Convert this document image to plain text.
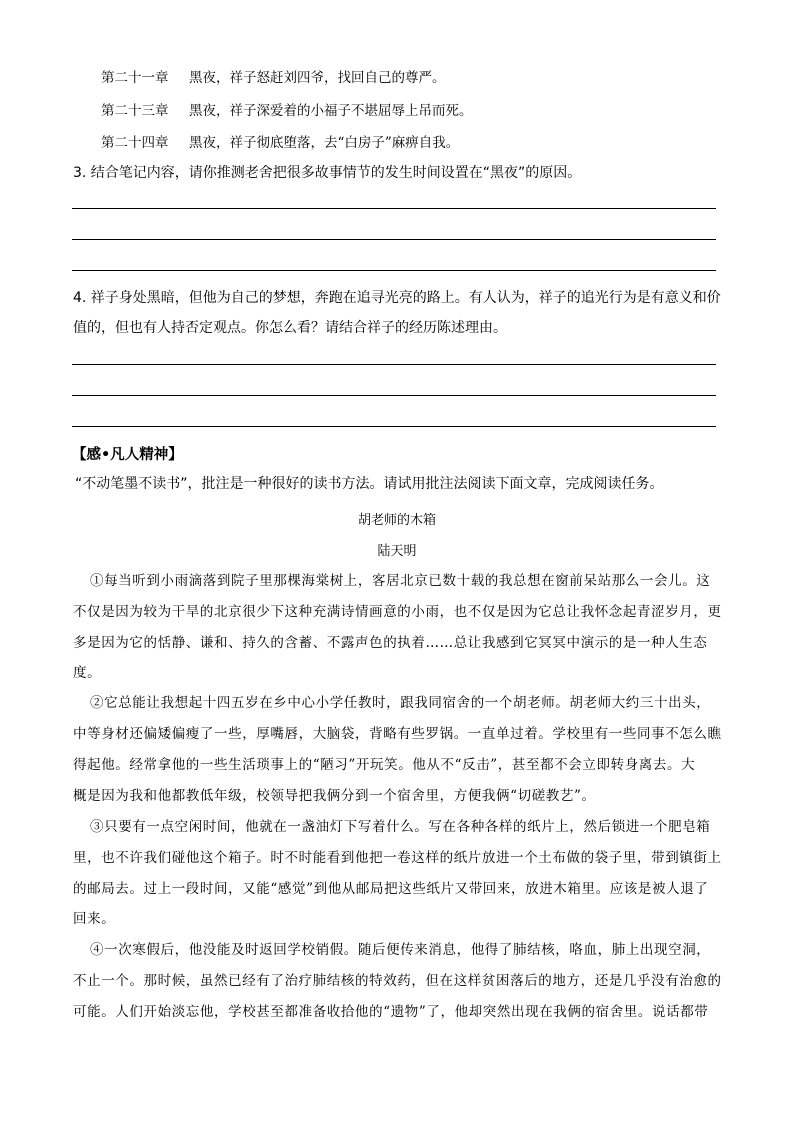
第二十一章 黑夜，祥子怒赶刘四爷，找回自己的尊严。
第二十三章 黑夜，祥子深爱着的小福子不堪屈辱上吊而死。
第二十四章 黑夜，祥子彻底堕落，去“白房子”麻痹自我。
3. 结合笔记内容，请你推测老舍把很多故事情节的发生时间设置在“黑夜”的原因。
4. 祥子身处黑暗，但他为自己的梦想，奔跑在追寻光亮的路上。有人认为，祥子的追光行为是有意义和价
值的，但也有人持否定观点。你怎么看？请结合祥子的经历陈述理由。
【感•凡人精神】
“不动笔墨不读书”，批注是一种很好的读书方法。请试用批注法阅读下面文章，完成阅读任务。
胡老师的木箱
陆天明
①每当听到小雨滴落到院子里那棵海棠树上，客居北京已数十载的我总想在窗前呆站那么一会儿。这
不仅是因为较为干旱的北京很少下这种充满诗情画意的小雨，也不仅是因为它总让我怀念起青涩岁月，更
多是因为它的恬静、谦和、持久的含蓄、不露声色的执着……总让我感到它冥冥中演示的是一种人生态
度。
②它总能让我想起十四五岁在乡中心小学任教时，跟我同宿舍的一个胡老师。胡老师大约三十出头，
中等身材还偏矮偏瘦了一些，厚嘴唇，大脑袋，背略有些罗锅。一直单过着。学校里有一些同事不怎么瞧
得起他。经常拿他的一些生活琐事上的“陋习”开玩笑。他从不“反击”，甚至都不会立即转身离去。大
概是因为我和他都教低年级，校领导把我俩分到一个宿舍里，方便我俩“切磋教艺”。
③只要有一点空闲时间，他就在一盏油灯下写着什么。写在各种各样的纸片上，然后锁进一个肥皂箱
里，也不许我们碰他这个箱子。时不时能看到他把一卷这样的纸片放进一个土布做的袋子里，带到镇街上
的邮局去。过上一段时间，又能“感觉”到他从邮局把这些纸片又带回来，放进木箱里。应该是被人退了
回来。
④一次寒假后，他没能及时返回学校销假。随后便传来消息，他得了肺结核，咯血，肺上出现空洞，
不止一个。那时候，虽然已经有了治疗肺结核的特效药，但在这样贫困落后的地方，还是几乎没有治愈的
可能。人们开始淡忘他，学校甚至都准备收拾他的“遗物”了，他却突然出现在我俩的宿舍里。说话都带
